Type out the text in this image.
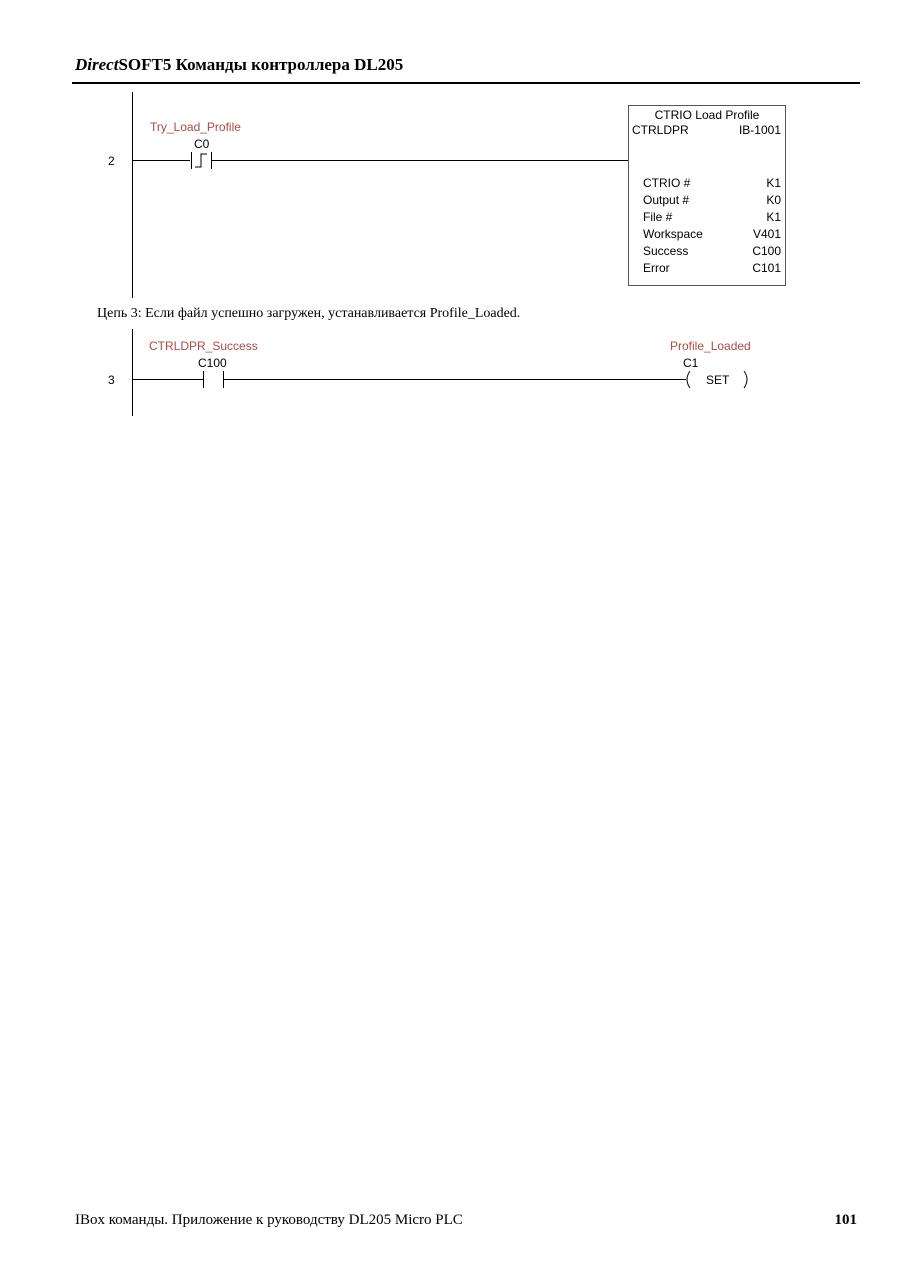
DirectSOFT5 Команды контроллера DL205
2
Try_Load_Profile
C0
CTRIO Load Profile
CTRLDPR	IB-1001
CTRIO #	K1
Output #	K0
File #	K1
Workspace	V401
Success	C100
Error	C101
Цепь 3: Если файл успешно загружен, устанавливается Profile_Loaded.
3
CTRLDPR_Success
C100
Profile_Loaded
C1
SET
IBox команды. Приложение к руководству DL205 Micro PLC	101
